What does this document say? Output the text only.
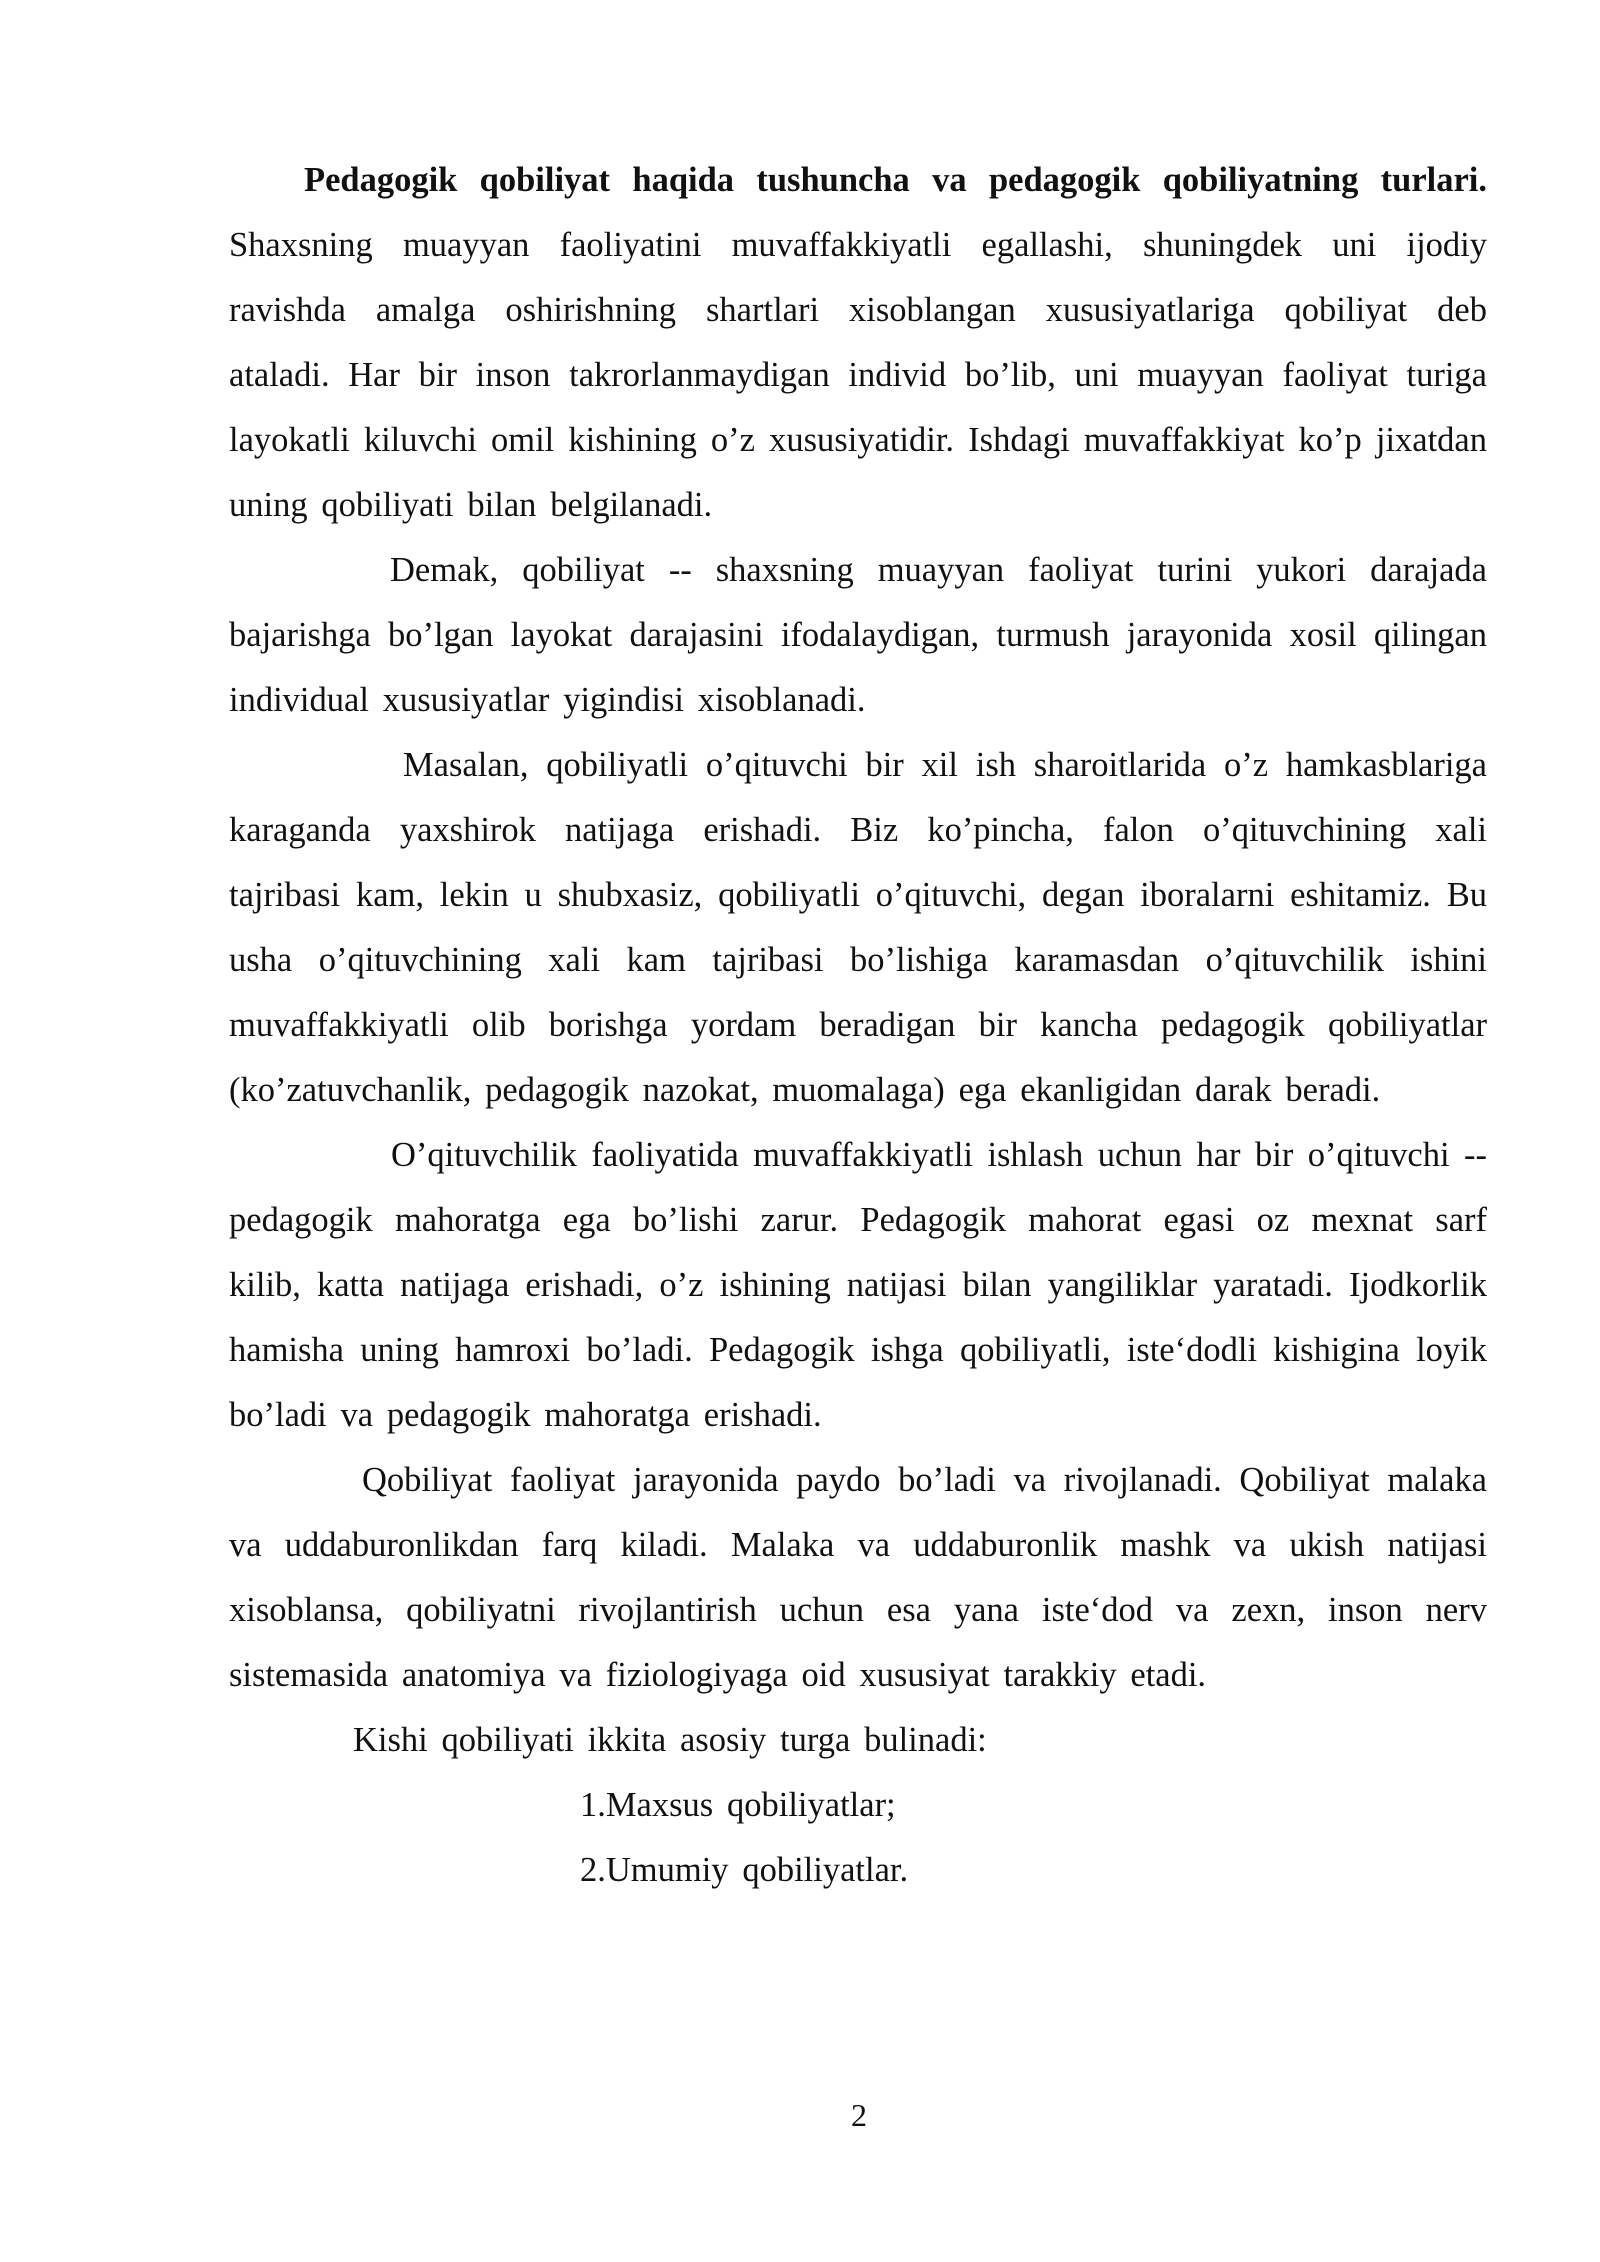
Pedagogik qobiliyat haqida tushuncha va pedagogik qobiliyatning turlari. Shaxsning muayyan faoliyatini muvaffakkiyatli egallashi, shuningdek uni ijodiy ravishda amalga oshirishning shartlari xisoblangan xususiyatlariga qobiliyat deb ataladi. Har bir inson takrorlanmaydigan individ bo’lib, uni muayyan faoliyat turiga layokatli kiluvchi omil kishining o’z xususiyatidir. Ishdagi muvaffakkiyat ko’p jixatdan uning qobiliyati bilan belgilanadi.

Demak, qobiliyat -- shaxsning muayyan faoliyat turini yukori darajada bajarishga bo’lgan layokat darajasini ifodalaydigan, turmush jarayonida xosil qilingan individual xususiyatlar yigindisi xisoblanadi.

Masalan, qobiliyatli o’qituvchi bir xil ish sharoitlarida o’z hamkasblariga karaganda yaxshirok natijaga erishadi. Biz ko’pincha, falon o’qituvchining xali tajribasi kam, lekin u shubxasiz, qobiliyatli o’qituvchi, degan iboralarni eshitamiz. Bu usha o’qituvchining xali kam tajribasi bo’lishiga karamasdan o’qituvchilik ishini muvaffakkiyatli olib borishga yordam beradigan bir kancha pedagogik qobiliyatlar (ko’zatuvchanlik, pedagogik nazokat, muomalaga) ega ekanligidan darak beradi.

O’qituvchilik faoliyatida muvaffakkiyatli ishlash uchun har bir o’qituvchi -- pedagogik mahoratga ega bo’lishi zarur. Pedagogik mahorat egasi oz mexnat sarf kilib, katta natijaga erishadi, o’z ishining natijasi bilan yangiliklar yaratadi. Ijodkorlik hamisha uning hamroxi bo’ladi. Pedagogik ishga qobiliyatli, iste‘dodli kishigina loyik bo’ladi va pedagogik mahoratga erishadi.

Qobiliyat faoliyat jarayonida paydo bo’ladi va rivojlanadi. Qobiliyat malaka va uddaburonlikdan farq kiladi. Malaka va uddaburonlik mashk va ukish natijasi xisoblansa, qobiliyatni rivojlantirish uchun esa yana iste‘dod va zexn, inson nerv sistemasida anatomiya va fiziologiyaga oid xususiyat tarakkiy etadi.

Kishi qobiliyati ikkita asosiy turga bulinadi:

1.Maxsus qobiliyatlar;
2.Umumiy qobiliyatlar.
2
